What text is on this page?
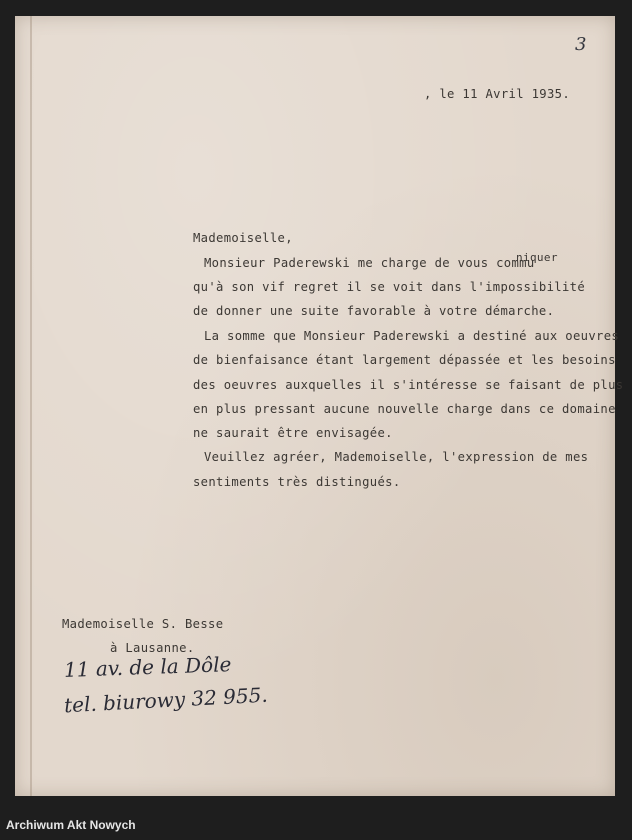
3
, le 11 Avril 1935.
Mademoiselle,
Monsieur Paderewski me charge de vous commu
niquer
qu'à son vif regret il se voit dans l'impossibilité
de donner une suite favorable à votre démarche.
La somme que Monsieur Paderewski a destiné aux oeuvres
de bienfaisance étant largement dépassée et les besoins
des oeuvres auxquelles il s'intéresse se faisant de plus
en plus pressant aucune nouvelle charge dans ce domaine
ne saurait être envisagée.
Veuillez agréer, Mademoiselle, l'expression de mes
sentiments très distingués.
Mademoiselle S. Besse
à Lausanne.
11 av. de la Dôle
tel. biurowy 32 955.
Archiwum Akt Nowych
